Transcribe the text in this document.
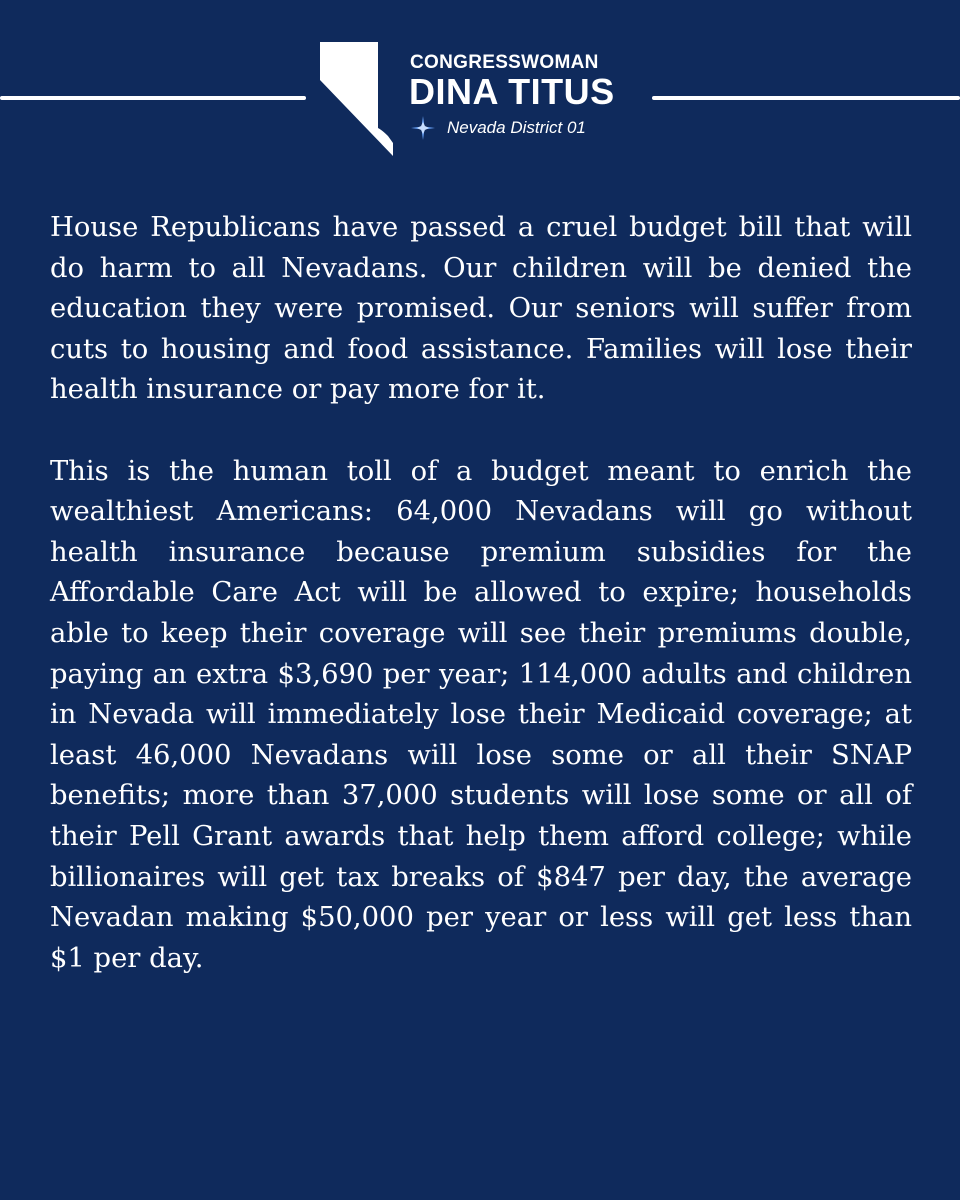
CONGRESSWOMAN
DINA TITUS
Nevada District 01

House Republicans have passed a cruel budget bill that will do harm to all Nevadans. Our children will be denied the education they were promised. Our seniors will suffer from cuts to housing and food assistance. Families will lose their health insurance or pay more for it.

This is the human toll of a budget meant to enrich the wealthiest Americans: 64,000 Nevadans will go without health insurance because premium subsidies for the Affordable Care Act will be allowed to expire; households able to keep their coverage will see their premiums double, paying an extra $3,690 per year; 114,000 adults and children in Nevada will immediately lose their Medicaid coverage; at least 46,000 Nevadans will lose some or all their SNAP benefits; more than 37,000 students will lose some or all of their Pell Grant awards that help them afford college; while billionaires will get tax breaks of $847 per day, the average Nevadan making $50,000 per year or less will get less than $1 per day.
